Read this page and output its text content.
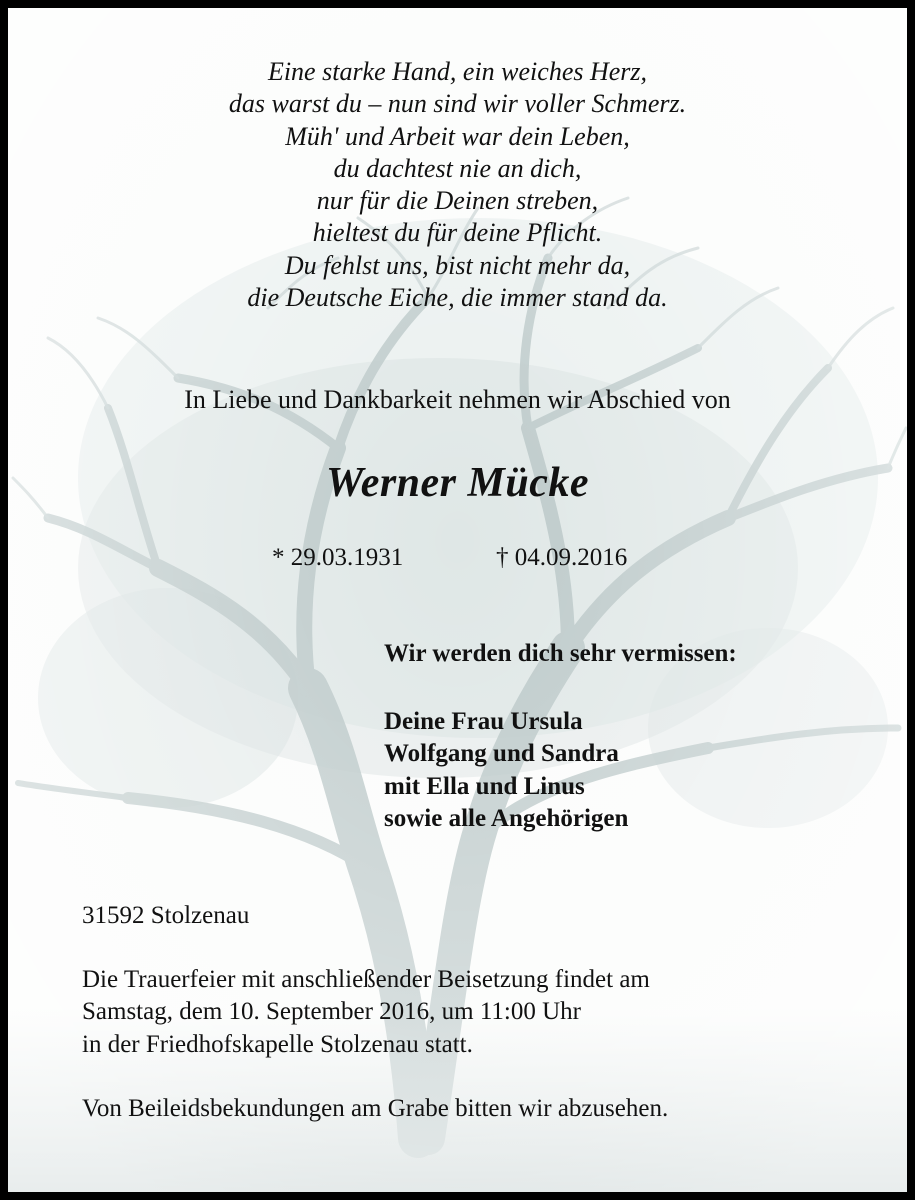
Eine starke Hand, ein weiches Herz,
das warst du – nun sind wir voller Schmerz.
Müh' und Arbeit war dein Leben,
du dachtest nie an dich,
nur für die Deinen streben,
hieltest du für deine Pflicht.
Du fehlst uns, bist nicht mehr da,
die Deutsche Eiche, die immer stand da.
In Liebe und Dankbarkeit nehmen wir Abschied von
Werner Mücke
* 29.03.1931	† 04.09.2016
Wir werden dich sehr vermissen:
Deine Frau Ursula
Wolfgang und Sandra
mit Ella und Linus
sowie alle Angehörigen
31592 Stolzenau
Die Trauerfeier mit anschließender Beisetzung findet am
Samstag, dem 10. September 2016, um 11:00 Uhr
in der Friedhofskapelle Stolzenau statt.
Von Beileidsbekundungen am Grabe bitten wir abzusehen.
